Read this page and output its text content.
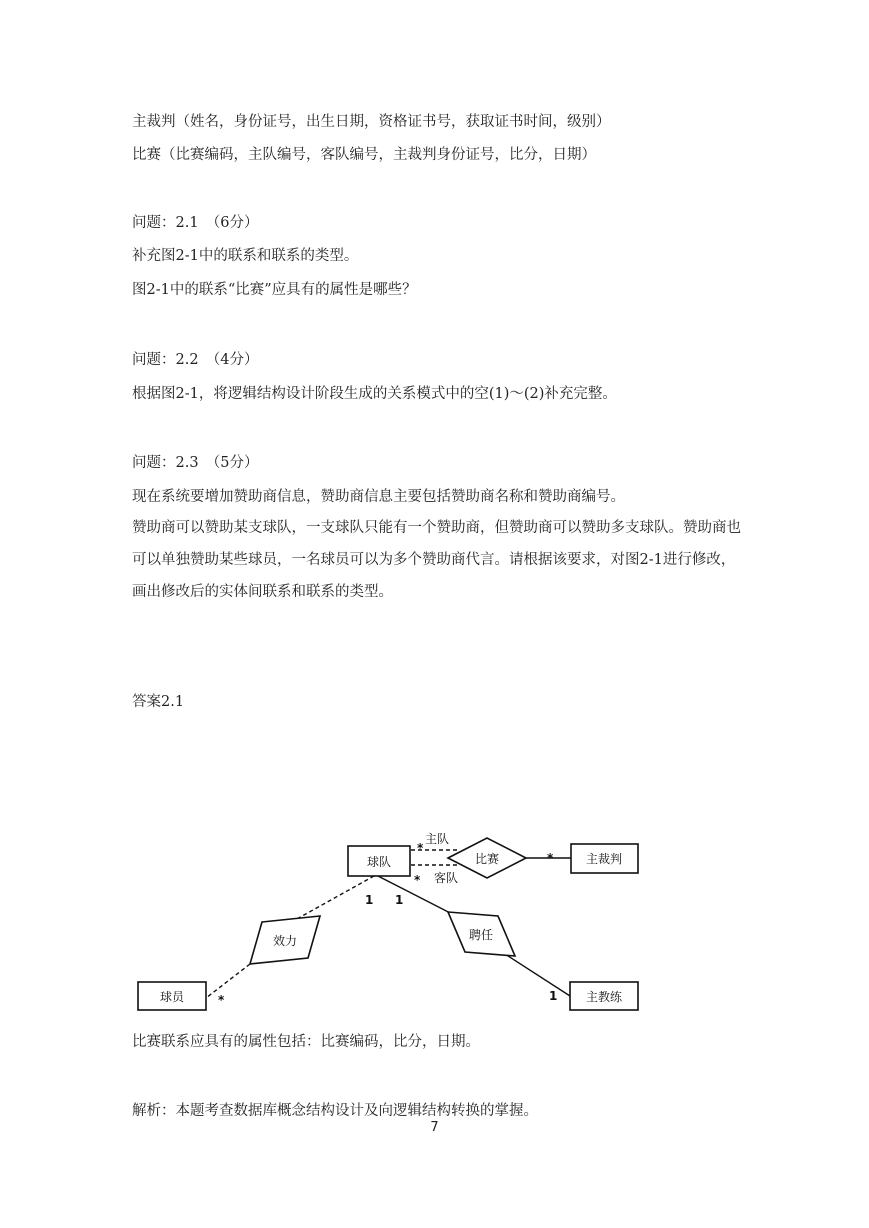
主裁判（姓名，身份证号，出生日期，资格证书号，获取证书时间，级别）
比赛（比赛编码，主队编号，客队编号，主裁判身份证号，比分，日期）
问题：2.1　（6分）
补充图2-1中的联系和联系的类型。
图2-1中的联系“比赛”应具有的属性是哪些？
问题：2.2　（4分）
根据图2-1，将逻辑结构设计阶段生成的关系模式中的空(1)～(2)补充完整。
问题：2.3　（5分）
现在系统要增加赞助商信息，赞助商信息主要包括赞助商名称和赞助商编号。
赞助商可以赞助某支球队，一支球队只能有一个赞助商，但赞助商可以赞助多支球队。赞助商也可以单独赞助某些球员，一名球员可以为多个赞助商代言。请根据该要求，对图2-1进行修改，画出修改后的实体间联系和联系的类型。
答案2.1
球队	主裁判
球员	主教练
比赛
效力	聘任
主队
客队
*
*
*
1 1
*	1
比赛联系应具有的属性包括：比赛编码，比分，日期。
解析：本题考查数据库概念结构设计及向逻辑结构转换的掌握。
7
